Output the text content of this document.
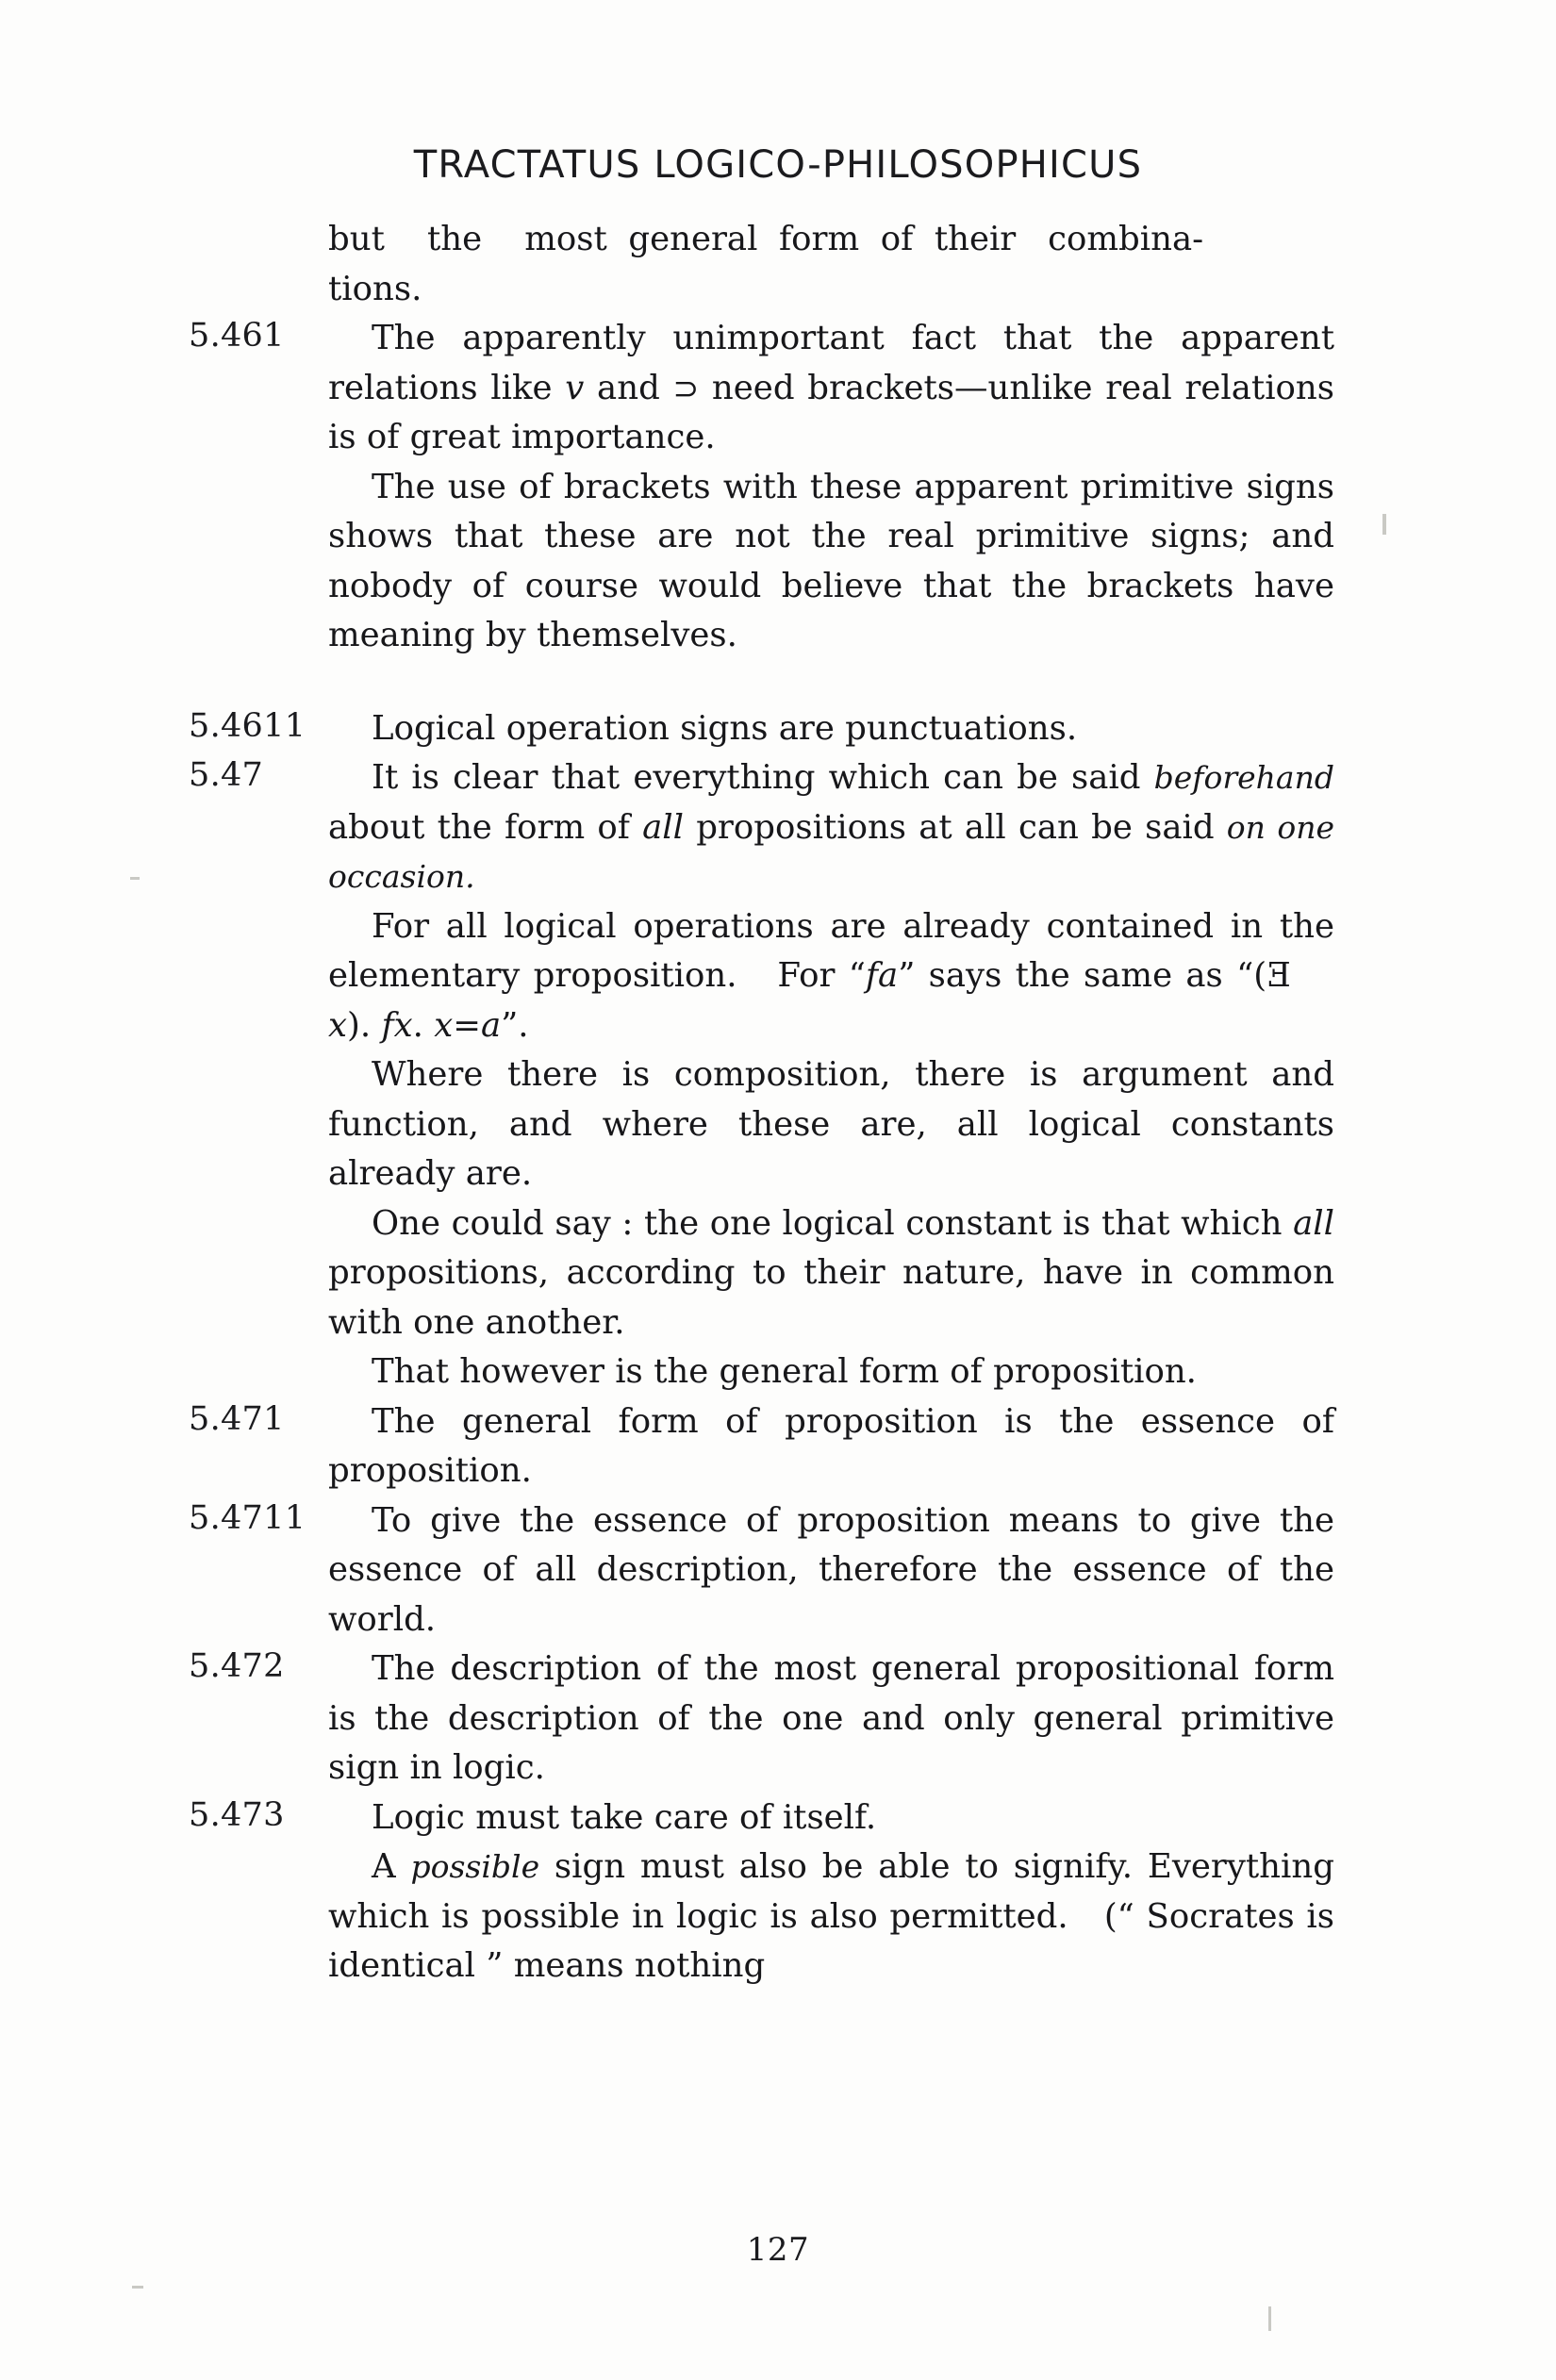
TRACTATUS LOGICO-PHILOSOPHICUS
but    the    most  general  form  of  their   combina-
tions.
5.461	The apparently unimportant fact that the apparent relations like v and ⊃ need brackets—unlike real relations is of great importance.
The use of brackets with these apparent primitive signs shows that these are not the real primitive signs; and nobody of course would believe that the brackets have meaning by themselves.
5.4611	Logical operation signs are punctuations.
5.47	It is clear that everything which can be said beforehand about the form of all propositions at all can be said on one occasion.
For all logical operations are already contained in the elementary proposition.   For “fa” says the same as “(Ex). fx. x=a”.
Where there is composition, there is argument and function, and where these are, all logical constants already are.
One could say : the one logical constant is that which all propositions, according to their nature, have in common with one another.
That however is the general form of proposition.
5.471	The general form of proposition is the essence of proposition.
5.4711	To give the essence of proposition means to give the essence of all description, therefore the essence of the world.
5.472	The description of the most general propositional form is the description of the one and only general primitive sign in logic.
5.473	Logic must take care of itself.
A possible sign must also be able to signify. Everything which is possible in logic is also permitted.   (“ Socrates is identical ” means nothing
127
